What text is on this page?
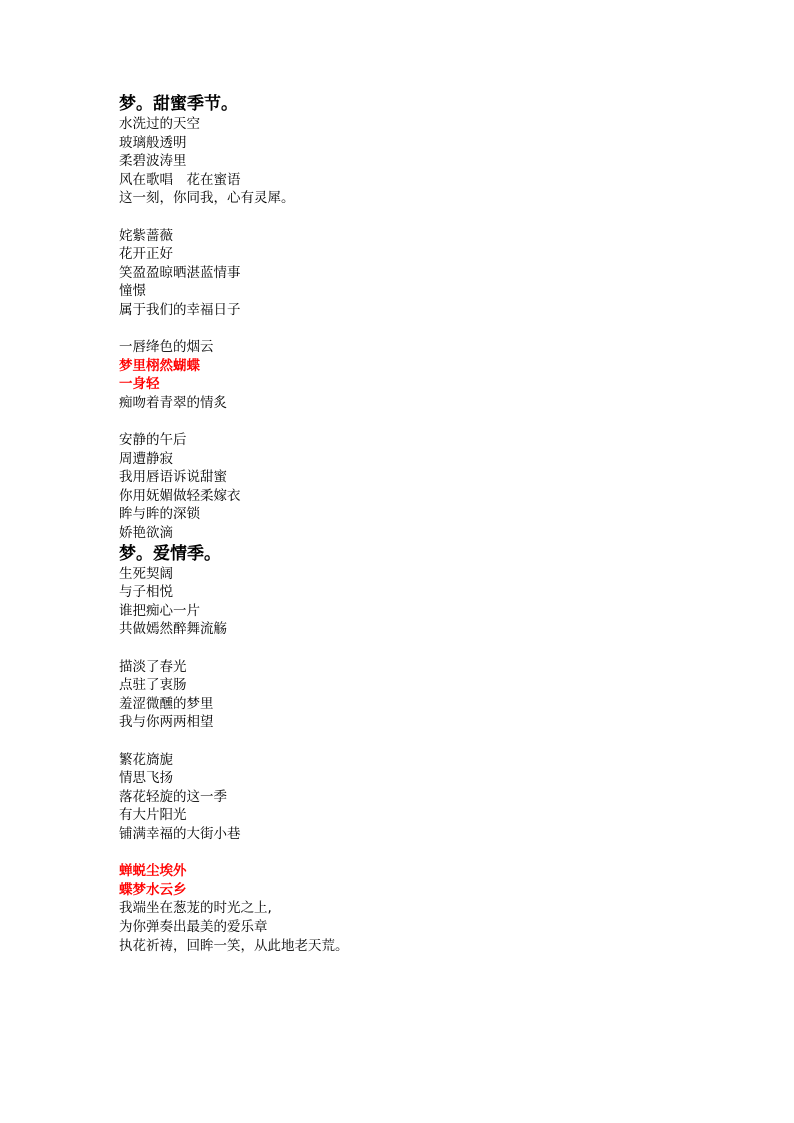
梦。甜蜜季节。
水洗过的天空
玻璃般透明
柔碧波涛里
风在歌唱　花在蜜语
这一刻，你同我，心有灵犀。
姹紫蔷薇
花开正好
笑盈盈晾晒湛蓝情事
憧憬
属于我们的幸福日子
一唇绛色的烟云
梦里栩然蝴蝶
一身轻
痴吻着青翠的情炙
安静的午后
周遭静寂
我用唇语诉说甜蜜
你用妩媚做轻柔嫁衣
眸与眸的深锁
娇艳欲滴
梦。爱情季。
生死契阔
与子相悦
谁把痴心一片
共做嫣然醉舞流觞
描淡了春光
点驻了衷肠
羞涩微醺的梦里
我与你两两相望
繁花旖旎
情思飞扬
落花轻旋的这一季
有大片阳光
铺满幸福的大街小巷
蝉蜕尘埃外
蝶梦水云乡
我端坐在葱茏的时光之上,
为你弹奏出最美的爱乐章
执花祈祷，回眸一笑，从此地老天荒。
